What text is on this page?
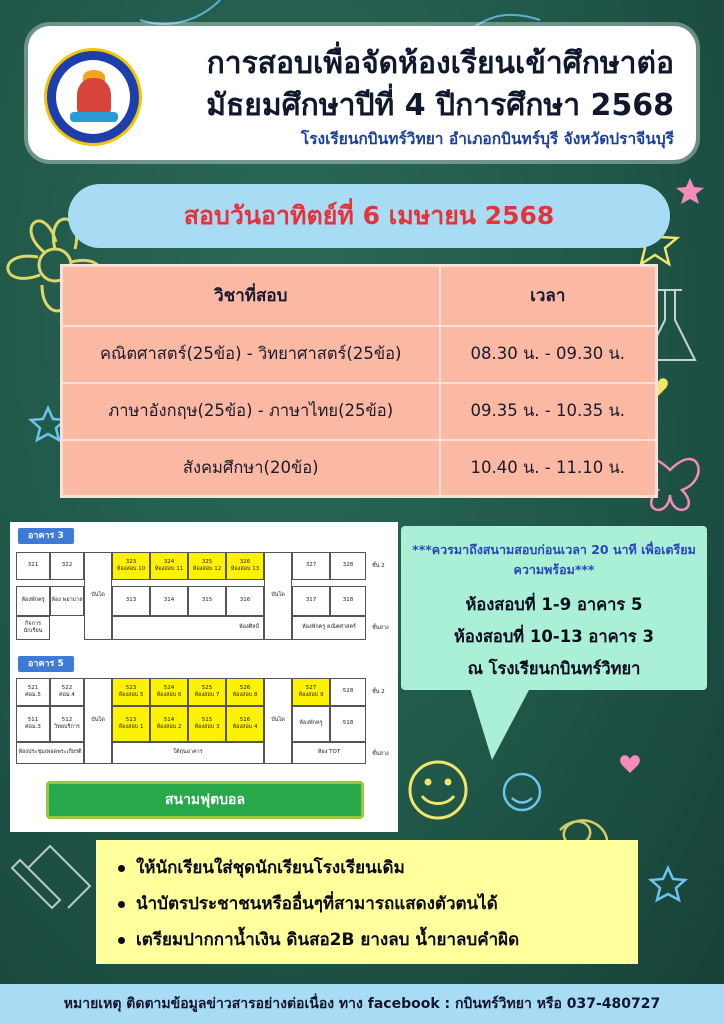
การสอบเพื่อจัดห้องเรียนเข้าศึกษาต่อ
มัธยมศึกษาปีที่ 4 ปีการศึกษา 2568
โรงเรียนกบินทร์วิทยา อำเภอกบินทร์บุรี จังหวัดปราจีนบุรี
สอบวันอาทิตย์ที่ 6 เมษายน 2568
วิชาที่สอบ	เวลา
คณิตศาสตร์(25ข้อ) - วิทยาศาสตร์(25ข้อ)	08.30 น. - 09.30 น.
ภาษาอังกฤษ(25ข้อ) - ภาษาไทย(25ข้อ)	09.35 น. - 10.35 น.
สังคมศึกษา(20ข้อ)	10.40 น. - 11.10 น.
อาคาร 3
321	322
บันได
323
ห้องสอบ 10
324
ห้องสอบ 11
325
ห้องสอบ 12
326
ห้องสอบ 13
บันได
327	328	ชั้น 2
ห้องพักครู ห้อง พยาบาล	313	314	315	316	317	318
กิจการ นักเรียน
ห้องศิลป์	ห้องพักครู คณิตศาสตร์	ชั้นล่าง
อาคาร 5
521
ศอม.5
522
ศอม.4
บันได
523
ห้องสอบ 5
524
ห้องสอบ 6
525
ห้องสอบ 7
526
ห้องสอบ 8
บันได
527
ห้องสอบ 9
528	ชั้น 2
511
ศอม.3
512
วิทยบริการ
513
ห้องสอบ 1
514
ห้องสอบ 2
515
ห้องสอบ 3
516
ห้องสอบ 4
ห้องพักครู	518
ห้องประชุมเทอดพระเกียรติ	ใต้ถุนอาคาร	ห้อง TOT	ชั้นล่าง
สนามฟุตบอล
***ควรมาถึงสนามสอบก่อนเวลา 20 นาที เพื่อเตรียมความพร้อม***
ห้องสอบที่ 1-9 อาคาร 5
ห้องสอบที่ 10-13 อาคาร 3
ณ โรงเรียนกบินทร์วิทยา
ให้นักเรียนใส่ชุดนักเรียนโรงเรียนเดิม
นำบัตรประชาชนหรืออื่นๆที่สามารถแสดงตัวตนได้
เตรียมปากกาน้ำเงิน ดินสอ2B ยางลบ น้ำยาลบคำผิด
หมายเหตุ ติดตามข้อมูลข่าวสารอย่างต่อเนื่อง ทาง facebook : กบินทร์วิทยา หรือ 037-480727
